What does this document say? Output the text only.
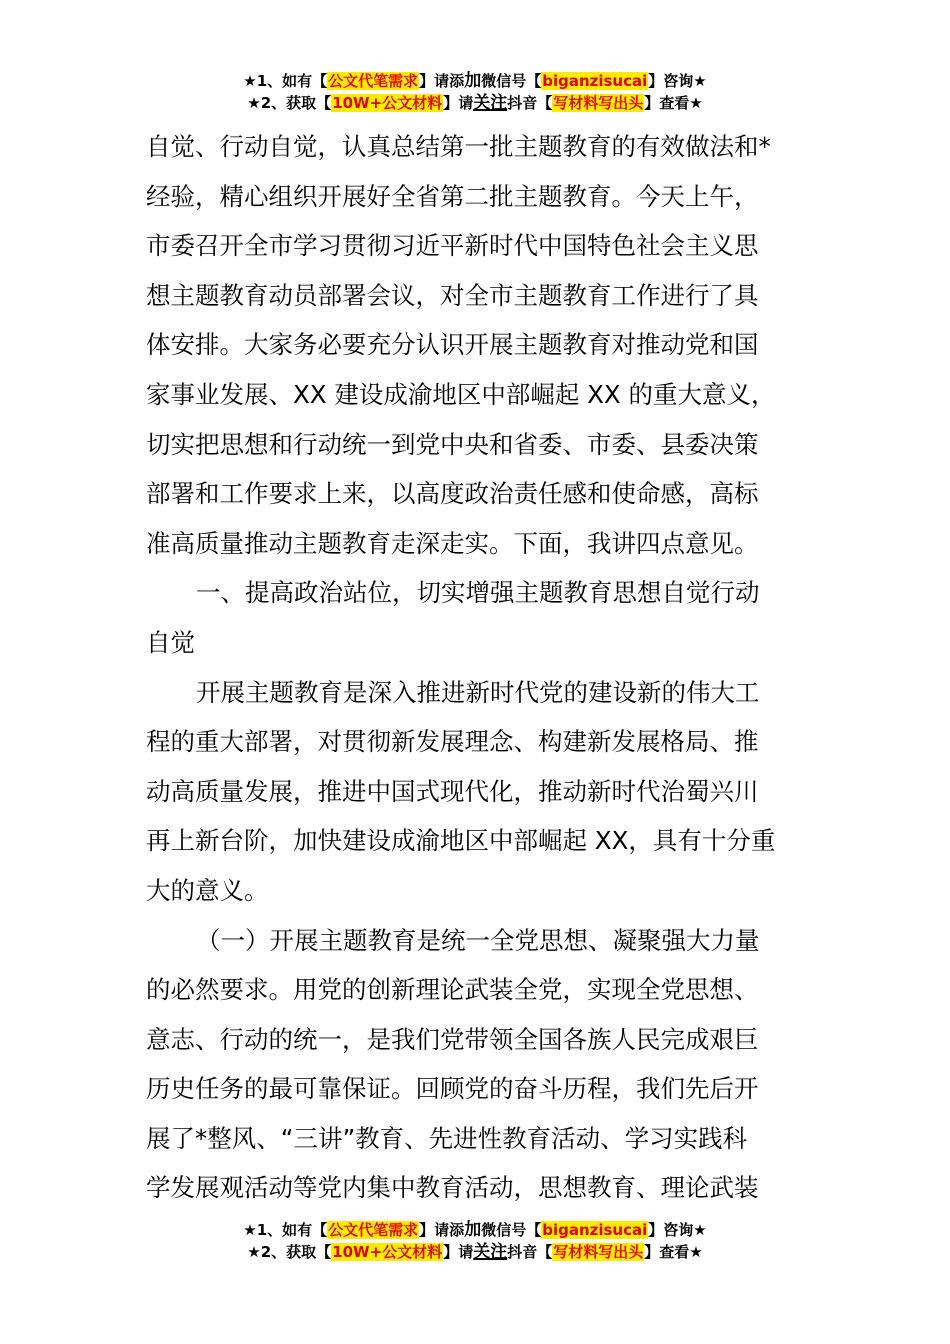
★1、如有【公文代笔需求】请添加微信号【biganzisucai】咨询★
★2、获取【10W+公文材料】请关注抖音【写材料写出头】查看★
自觉、行动自觉，认真总结第一批主题教育的有效做法和*
经验，精心组织开展好全省第二批主题教育。今天上午，
市委召开全市学习贯彻习近平新时代中国特色社会主义思
想主题教育动员部署会议，对全市主题教育工作进行了具
体安排。大家务必要充分认识开展主题教育对推动党和国
家事业发展、XX 建设成渝地区中部崛起 XX 的重大意义，
切实把思想和行动统一到党中央和省委、市委、县委决策
部署和工作要求上来，以高度政治责任感和使命感，高标
准高质量推动主题教育走深走实。下面，我讲四点意见。
一、提高政治站位，切实增强主题教育思想自觉行动
自觉
开展主题教育是深入推进新时代党的建设新的伟大工
程的重大部署，对贯彻新发展理念、构建新发展格局、推
动高质量发展，推进中国式现代化，推动新时代治蜀兴川
再上新台阶，加快建设成渝地区中部崛起 XX，具有十分重
大的意义。
（一）开展主题教育是统一全党思想、凝聚强大力量
的必然要求。用党的创新理论武装全党，实现全党思想、
意志、行动的统一，是我们党带领全国各族人民完成艰巨
历史任务的最可靠保证。回顾党的奋斗历程，我们先后开
展了*整风、“三讲”教育、先进性教育活动、学习实践科
学发展观活动等党内集中教育活动，思想教育、理论武装
★1、如有【公文代笔需求】请添加微信号【biganzisucai】咨询★
★2、获取【10W+公文材料】请关注抖音【写材料写出头】查看★
